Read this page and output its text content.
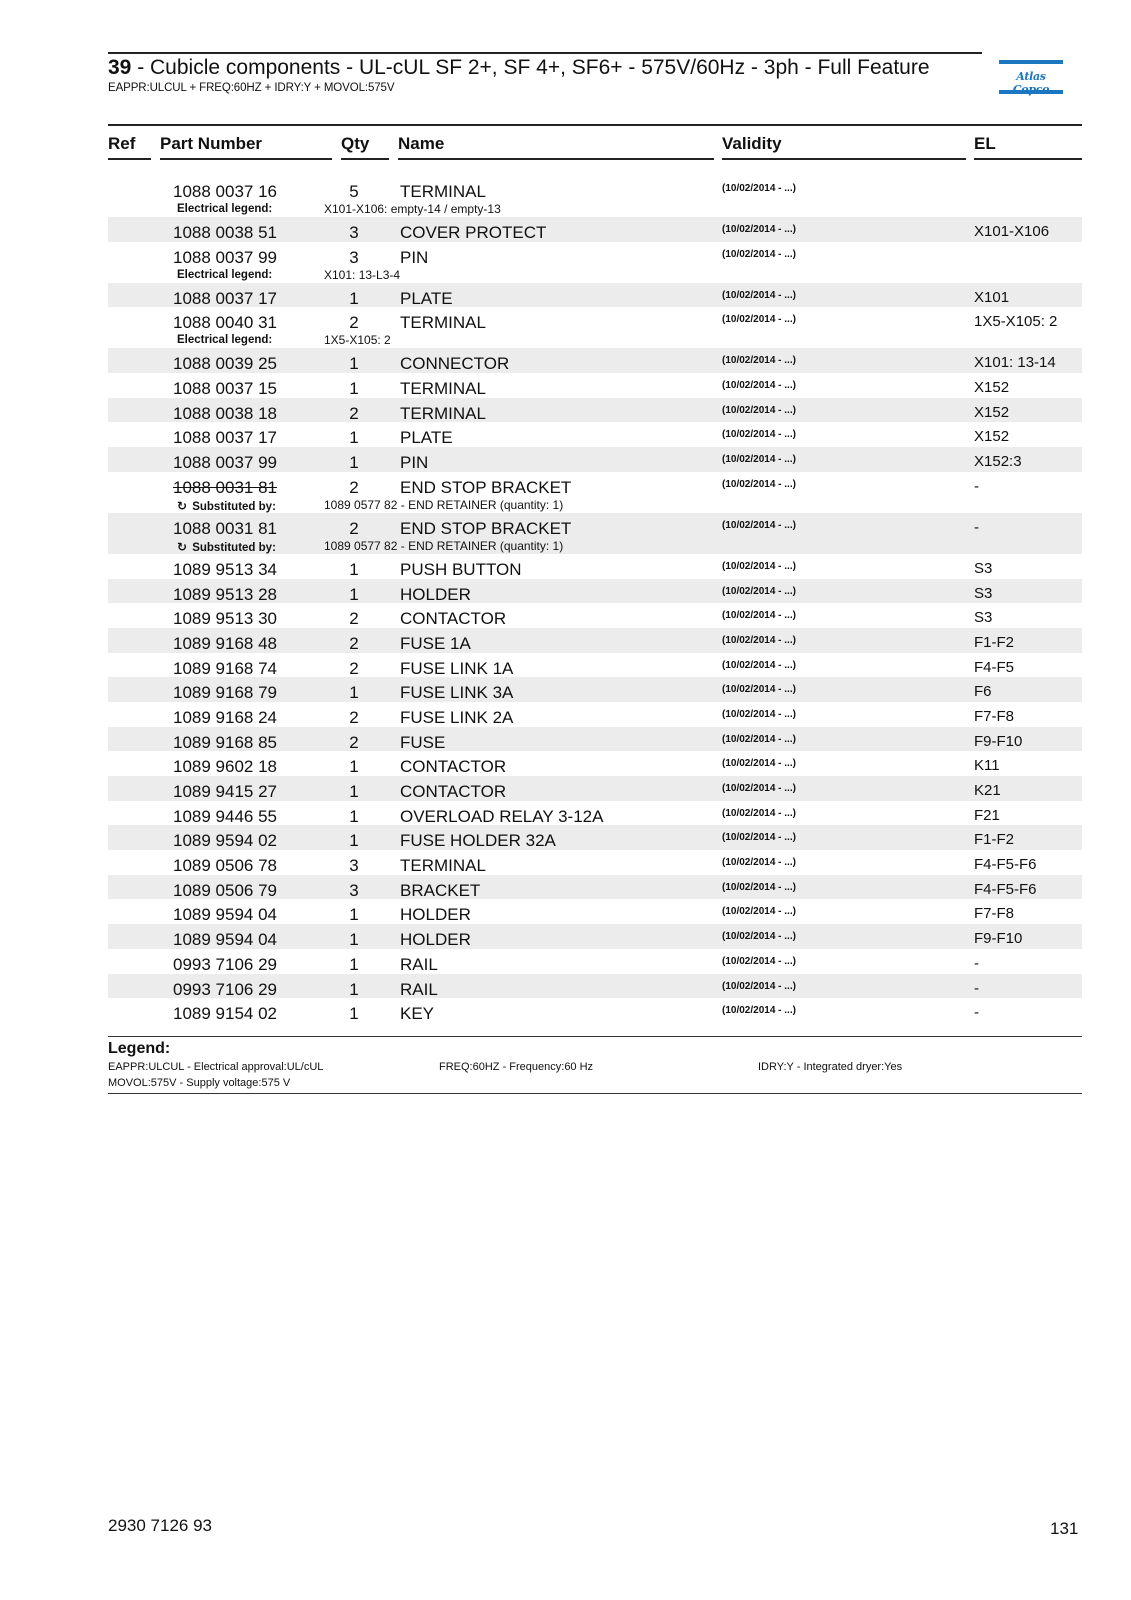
39 - Cubicle components - UL-cUL SF 2+, SF 4+, SF6+ - 575V/60Hz - 3ph - Full Feature
EAPPR:ULCUL + FREQ:60HZ + IDRY:Y + MOVOL:575V
Atlas
Ref Part Number	Qty Name	Validity	EL
1088 0037 16	5 TERMINAL	(10/02/2014 - ...)
Electrical legend:	X101-X106: empty-14 / empty-13
1088 0038 51	3 COVER PROTECT	(10/02/2014 - ...)	X101-X106
1088 0037 99	3 PIN	(10/02/2014 - ...)
Electrical legend:	X101: 13-L3-4
1088 0037 17	1 PLATE	(10/02/2014 - ...)	X101
1088 0040 31	2 TERMINAL	(10/02/2014 - ...)	1X5-X105: 2
Electrical legend:	1X5-X105: 2
1088 0039 25	1 CONNECTOR	(10/02/2014 - ...)	X101: 13-14
1088 0037 15	1 TERMINAL	(10/02/2014 - ...)	X152
1088 0038 18	2 TERMINAL	(10/02/2014 - ...)	X152
1088 0037 17	1 PLATE	(10/02/2014 - ...)	X152
1088 0037 99	1 PIN	(10/02/2014 - ...)	X152:3
1088 0031 81	2 END STOP BRACKET	(10/02/2014 - ...)	-
↻ Substituted by:	1089 0577 82 - END RETAINER (quantity: 1)
1088 0031 81	2 END STOP BRACKET	(10/02/2014 - ...)	-
↻ Substituted by:	1089 0577 82 - END RETAINER (quantity: 1)
1089 9513 34	1 PUSH BUTTON	(10/02/2014 - ...)	S3
1089 9513 28	1 HOLDER	(10/02/2014 - ...)	S3
1089 9513 30	2 CONTACTOR	(10/02/2014 - ...)	S3
1089 9168 48	2 FUSE 1A	(10/02/2014 - ...)	F1-F2
1089 9168 74	2 FUSE LINK 1A	(10/02/2014 - ...)	F4-F5
1089 9168 79	1 FUSE LINK 3A	(10/02/2014 - ...)	F6
1089 9168 24	2 FUSE LINK 2A	(10/02/2014 - ...)	F7-F8
1089 9168 85	2 FUSE	(10/02/2014 - ...)	F9-F10
1089 9602 18	1 CONTACTOR	(10/02/2014 - ...)	K11
1089 9415 27	1 CONTACTOR	(10/02/2014 - ...)	K21
1089 9446 55	1 OVERLOAD RELAY 3-12A	(10/02/2014 - ...)	F21
1089 9594 02	1 FUSE HOLDER 32A	(10/02/2014 - ...)	F1-F2
1089 0506 78	3 TERMINAL	(10/02/2014 - ...)	F4-F5-F6
1089 0506 79	3 BRACKET	(10/02/2014 - ...)	F4-F5-F6
1089 9594 04	1 HOLDER	(10/02/2014 - ...)	F7-F8
1089 9594 04	1 HOLDER	(10/02/2014 - ...)	F9-F10
0993 7106 29	1 RAIL	(10/02/2014 - ...)	-
0993 7106 29	1 RAIL	(10/02/2014 - ...)	-
1089 9154 02	1 KEY	(10/02/2014 - ...)	-
Legend:
EAPPR:ULCUL - Electrical approval:UL/cUL	FREQ:60HZ - Frequency:60 Hz	IDRY:Y - Integrated dryer:Yes
MOVOL:575V - Supply voltage:575 V
2930 7126 93	131
